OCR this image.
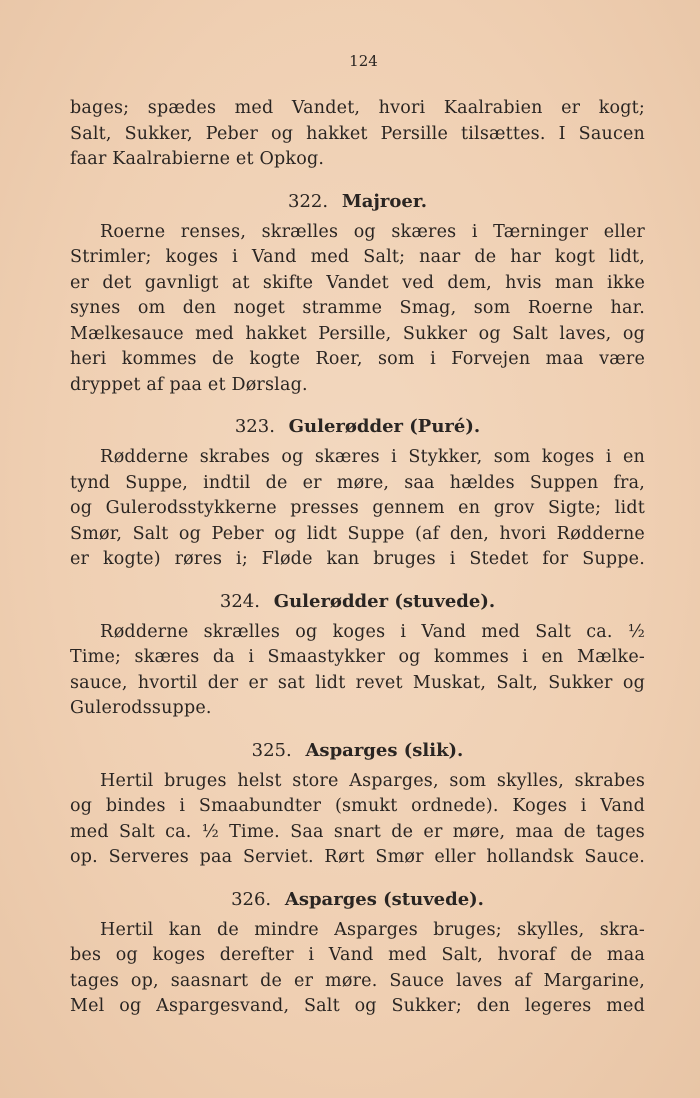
124

bages; spædes med Vandet, hvori Kaalrabien er kogt;
Salt, Sukker, Peber og hakket Persille tilsættes. I Saucen
faar Kaalrabierne et Opkog.

322. Majroer.

Roerne renses, skrælles og skæres i Tærninger eller
Strimler; koges i Vand med Salt; naar de har kogt lidt,
er det gavnligt at skifte Vandet ved dem, hvis man ikke
synes om den noget stramme Smag, som Roerne har.
Mælkesauce med hakket Persille, Sukker og Salt laves, og
heri kommes de kogte Roer, som i Forvejen maa være
dryppet af paa et Dørslag.

323. Gulerødder (Puré).

Rødderne skrabes og skæres i Stykker, som koges i en
tynd Suppe, indtil de er møre, saa hældes Suppen fra,
og Gulerodsstykkerne presses gennem en grov Sigte; lidt
Smør, Salt og Peber og lidt Suppe (af den, hvori Rødderne
er kogte) røres i; Fløde kan bruges i Stedet for Suppe.

324. Gulerødder (stuvede).

Rødderne skrælles og koges i Vand med Salt ca. ½
Time; skæres da i Smaastykker og kommes i en Mælke-
sauce, hvortil der er sat lidt revet Muskat, Salt, Sukker og
Gulerodssuppe.

325. Asparges (slik).

Hertil bruges helst store Asparges, som skylles, skrabes
og bindes i Smaabundter (smukt ordnede). Koges i Vand
med Salt ca. ½ Time. Saa snart de er møre, maa de tages
op. Serveres paa Serviet. Rørt Smør eller hollandsk Sauce.

326. Asparges (stuvede).

Hertil kan de mindre Asparges bruges; skylles, skra-
bes og koges derefter i Vand med Salt, hvoraf de maa
tages op, saasnart de er møre. Sauce laves af Margarine,
Mel og Aspargesvand, Salt og Sukker; den legeres med
